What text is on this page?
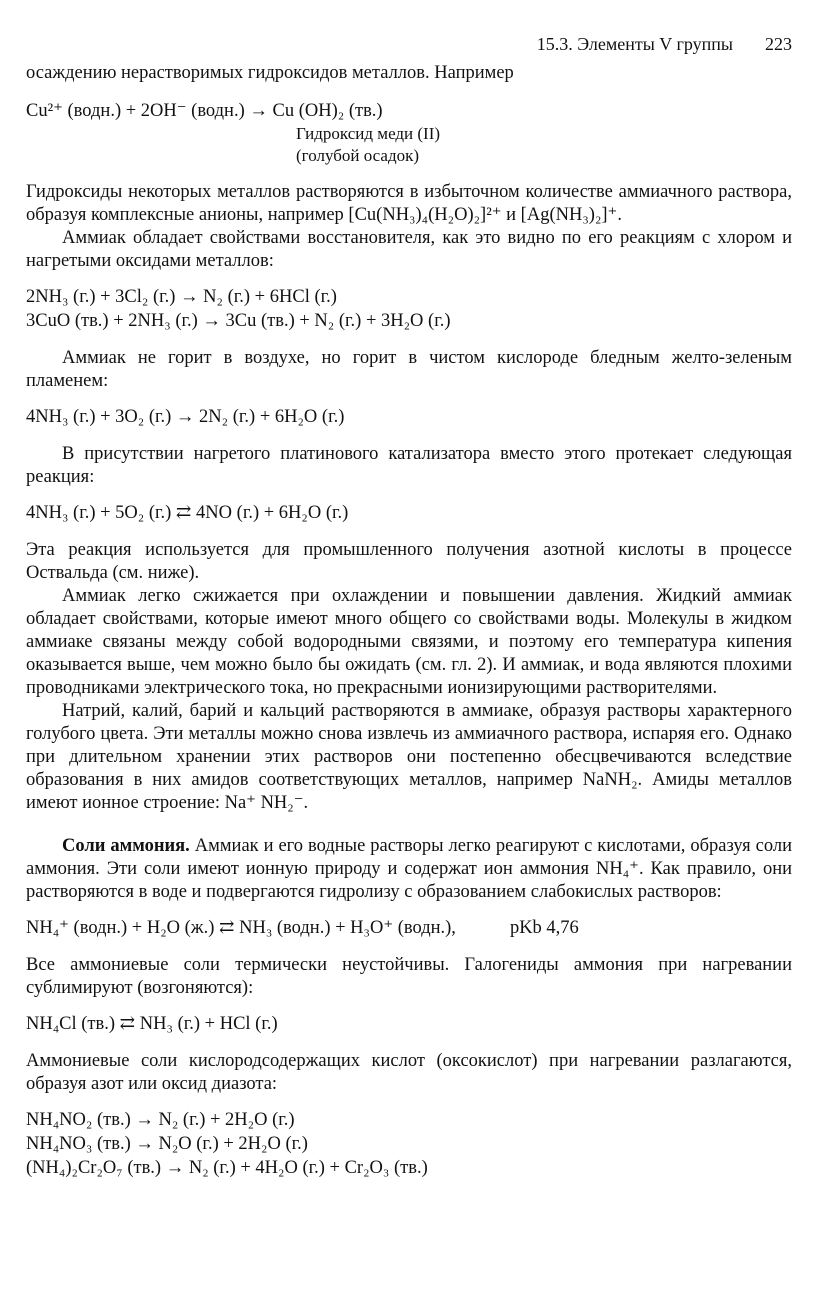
15.3. Элементы V группы 223

осаждению нерастворимых гидроксидов металлов. Например

Cu²⁺ (водн.) + 2OH⁻ (водн.) → Cu (OH)₂ (тв.)
Гидроксид меди (II)
(голубой осадок)

Гидроксиды некоторых металлов растворяются в избыточном количестве аммиачного раствора, образуя комплексные анионы, например [Cu(NH₃)₄(H₂O)₂]²⁺ и [Ag(NH₃)₂]⁺.

Аммиак обладает свойствами восстановителя, как это видно по его реакциям с хлором и нагретыми оксидами металлов:

2NH₃ (г.) + 3Cl₂ (г.) → N₂ (г.) + 6HCl (г.)
3CuO (тв.) + 2NH₃ (г.) → 3Cu (тв.) + N₂ (г.) + 3H₂O (г.)

Аммиак не горит в воздухе, но горит в чистом кислороде бледным желто-зеленым пламенем:

4NH₃ (г.) + 3O₂ (г.) → 2N₂ (г.) + 6H₂O (г.)

В присутствии нагретого платинового катализатора вместо этого протекает следующая реакция:

4NH₃ (г.) + 5O₂ (г.) ⇄ 4NO (г.) + 6H₂O (г.)

Эта реакция используется для промышленного получения азотной кислоты в процессе Оствальда (см. ниже).

Аммиак легко сжижается при охлаждении и повышении давления. Жидкий аммиак обладает свойствами, которые имеют много общего со свойствами воды. Молекулы в жидком аммиаке связаны между собой водородными связями, и поэтому его температура кипения оказывается выше, чем можно было бы ожидать (см. гл. 2). И аммиак, и вода являются плохими проводниками электрического тока, но прекрасными ионизирующими растворителями.

Натрий, калий, барий и кальций растворяются в аммиаке, образуя растворы характерного голубого цвета. Эти металлы можно снова извлечь из аммиачного раствора, испаряя его. Однако при длительном хранении этих растворов они постепенно обесцвечиваются вследствие образования в них амидов соответствующих металлов, например NaNH₂. Амиды металлов имеют ионное строение: Na⁺ NH₂⁻.

Соли аммония. Аммиак и его водные растворы легко реагируют с кислотами, образуя соли аммония. Эти соли имеют ионную природу и содержат ион аммония NH₄⁺. Как правило, они растворяются в воде и подвергаются гидролизу с образованием слабокислых растворов:

NH₄⁺ (водн.) + H₂O (ж.) ⇄ NH₃ (водн.) + H₃O⁺ (водн.),	pKb 4,76

Все аммониевые соли термически неустойчивы. Галогениды аммония при нагревании сублимируют (возгоняются):

NH₄Cl (тв.) ⇄ NH₃ (г.) + HCl (г.)

Аммониевые соли кислородсодержащих кислот (оксокислот) при нагревании разлагаются, образуя азот или оксид диазота:

NH₄NO₂ (тв.) → N₂ (г.) + 2H₂O (г.)
NH₄NO₃ (тв.) → N₂O (г.) + 2H₂O (г.)
(NH₄)₂Cr₂O₇ (тв.) → N₂ (г.) + 4H₂O (г.) + Cr₂O₃ (тв.)
